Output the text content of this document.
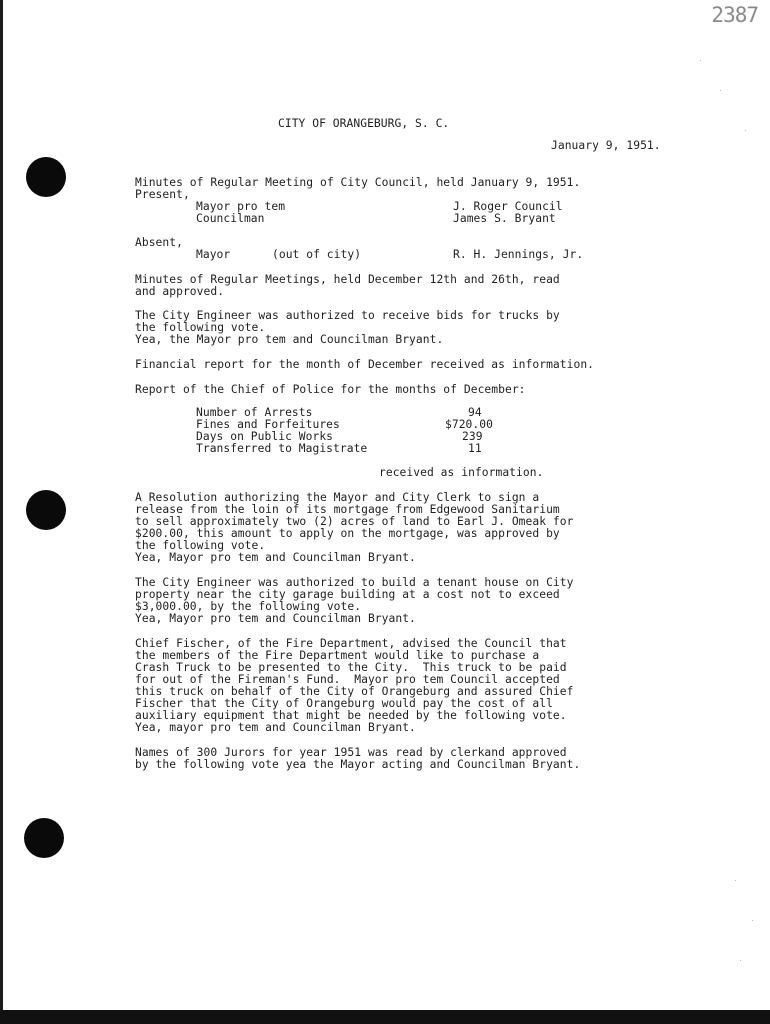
2387
CITY OF ORANGEBURG, S. C.
January 9, 1951.
Minutes of Regular Meeting of City Council, held January 9, 1951.
Present,
Mayor pro tem	J. Roger Council
Councilman	James S. Bryant
Absent,
Mayor	(out of city)	R. H. Jennings, Jr.
Minutes of Regular Meetings, held December 12th and 26th, read
and approved.
The City Engineer was authorized to receive bids for trucks by
the following vote.
Yea, the Mayor pro tem and Councilman Bryant.
Financial report for the month of December received as information.
Report of the Chief of Police for the months of December:
Number of Arrests	94
Fines and Forfeitures	$720.00
Days on Public Works	239
Transferred to Magistrate	11
received as information.
A Resolution authorizing the Mayor and City Clerk to sign a
release from the loin of its mortgage from Edgewood Sanitarium
to sell approximately two (2) acres of land to Earl J. Omeak for
$200.00, this amount to apply on the mortgage, was approved by
the following vote.
Yea, Mayor pro tem and Councilman Bryant.
The City Engineer was authorized to build a tenant house on City
property near the city garage building at a cost not to exceed
$3,000.00, by the following vote.
Yea, Mayor pro tem and Councilman Bryant.
Chief Fischer, of the Fire Department, advised the Council that
the members of the Fire Department would like to purchase a
Crash Truck to be presented to the City.  This truck to be paid
for out of the Fireman's Fund.  Mayor pro tem Council accepted
this truck on behalf of the City of Orangeburg and assured Chief
Fischer that the City of Orangeburg would pay the cost of all
auxiliary equipment that might be needed by the following vote.
Yea, mayor pro tem and Councilman Bryant.
Names of 300 Jurors for year 1951 was read by clerkand approved
by the following vote yea the Mayor acting and Councilman Bryant.
